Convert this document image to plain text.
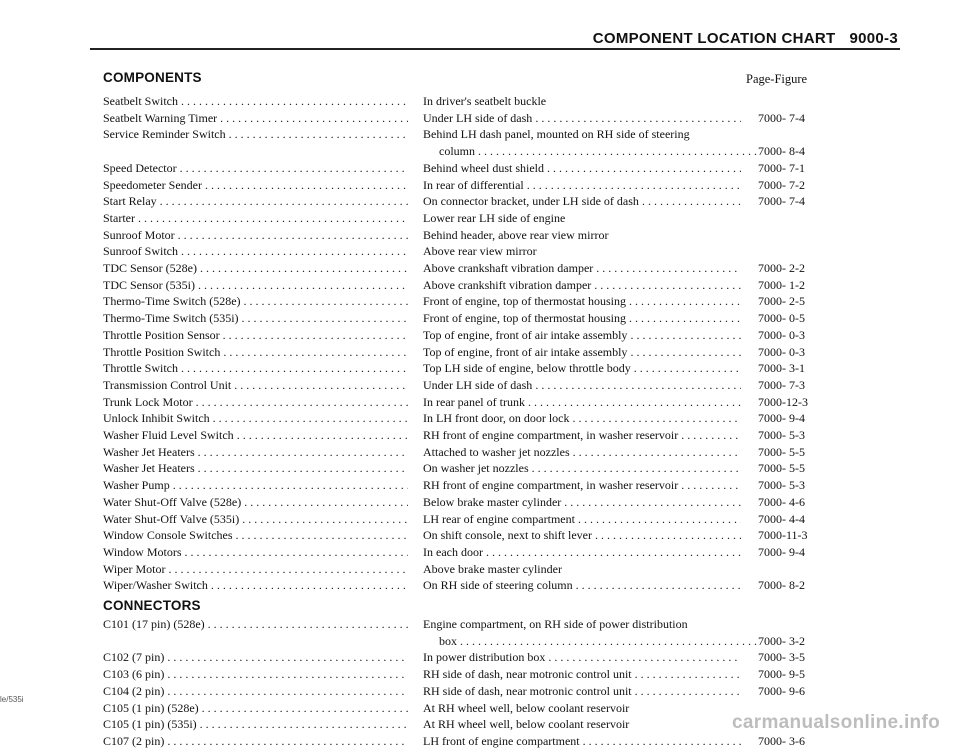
COMPONENT LOCATION CHART 9000-3
COMPONENTS	Page-Figure
Seatbelt Switch . . .	In driver's seatbelt buckle
Seatbelt Warning Timer . . .	Under LH side of dash . . .	7000- 7-4
Service Reminder Switch . . .	Behind LH dash panel, mounted on RH side of steering
column . . .	7000- 8-4
Speed Detector . . .	Behind wheel dust shield . . .	7000- 7-1
Speedometer Sender . . .	In rear of differential . . .	7000- 7-2
Start Relay . . .	On connector bracket, under LH side of dash . . .	7000- 7-4
Starter . . .	Lower rear LH side of engine
Sunroof Motor . . .	Behind header, above rear view mirror
Sunroof Switch . . .	Above rear view mirror
TDC Sensor (528e) . . .	Above crankshaft vibration damper . . .	7000- 2-2
TDC Sensor (535i) . . .	Above crankshift vibration damper . . .	7000- 1-2
Thermo-Time Switch (528e) . . .	Front of engine, top of thermostat housing . . .	7000- 2-5
Thermo-Time Switch (535i) . . .	Front of engine, top of thermostat housing . . .	7000- 0-5
Throttle Position Sensor . . .	Top of engine, front of air intake assembly . . .	7000- 0-3
Throttle Position Switch . . .	Top of engine, front of air intake assembly . . .	7000- 0-3
Throttle Switch . . .	Top LH side of engine, below throttle body . . .	7000- 3-1
Transmission Control Unit . . .	Under LH side of dash . . .	7000- 7-3
Trunk Lock Motor . . .	In rear panel of trunk . . .	7000-12-3
Unlock Inhibit Switch . . .	In LH front door, on door lock . . .	7000- 9-4
Washer Fluid Level Switch . . .	RH front of engine compartment, in washer reservoir . . .	7000- 5-3
Washer Jet Heaters . . .	Attached to washer jet nozzles . . .	7000- 5-5
Washer Jet Heaters . . .	On washer jet nozzles . . .	7000- 5-5
Washer Pump . . .	RH front of engine compartment, in washer reservoir . . .	7000- 5-3
Water Shut-Off Valve (528e) . . .	Below brake master cylinder . . .	7000- 4-6
Water Shut-Off Valve (535i) . . .	LH rear of engine compartment . . .	7000- 4-4
Window Console Switches . . .	On shift console, next to shift lever . . .	7000-11-3
Window Motors . . .	In each door . . .	7000- 9-4
Wiper Motor . . .	Above brake master cylinder
Wiper/Washer Switch . . .	On RH side of steering column . . .	7000- 8-2
CONNECTORS
C101 (17 pin) (528e) . . .	Engine compartment, on RH side of power distribution
box . . .	7000- 3-2
C102 (7 pin) . . .	In power distribution box . . .	7000- 3-5
C103 (6 pin) . . .	RH side of dash, near motronic control unit . . .	7000- 9-5
C104 (2 pin) . . .	RH side of dash, near motronic control unit . . .	7000- 9-6
C105 (1 pin) (528e) . . .	At RH wheel well, below coolant reservoir
C105 (1 pin) (535i) . . .	At RH wheel well, below coolant reservoir
C107 (2 pin) . . .	LH front of engine compartment . . .	7000- 3-6
le/535i
carmanualsonline.info
